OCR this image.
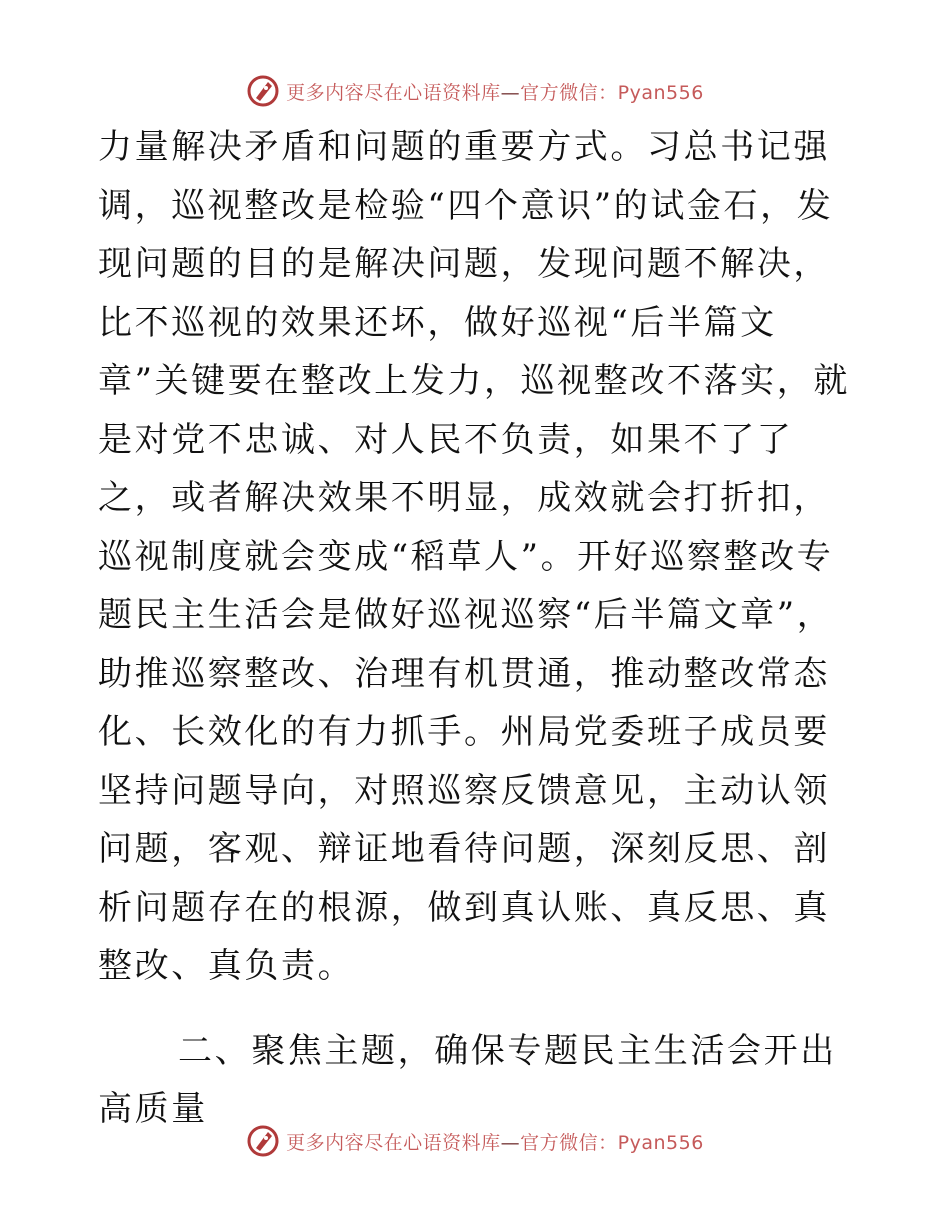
更多内容尽在心语资料库—官方微信：Pyan556

力量解决矛盾和问题的重要方式。习总书记强调，巡视整改是检验“四个意识”的试金石，发现问题的目的是解决问题，发现问题不解决，比不巡视的效果还坏，做好巡视“后半篇文章”关键要在整改上发力，巡视整改不落实，就是对党不忠诚、对人民不负责，如果不了了之，或者解决效果不明显，成效就会打折扣，巡视制度就会变成“稻草人”。开好巡察整改专题民主生活会是做好巡视巡察“后半篇文章”，助推巡察整改、治理有机贯通，推动整改常态化、长效化的有力抓手。州局党委班子成员要坚持问题导向，对照巡察反馈意见，主动认领问题，客观、辩证地看待问题，深刻反思、剖析问题存在的根源，做到真认账、真反思、真整改、真负责。

二、聚焦主题，确保专题民主生活会开出高质量

更多内容尽在心语资料库—官方微信：Pyan556
